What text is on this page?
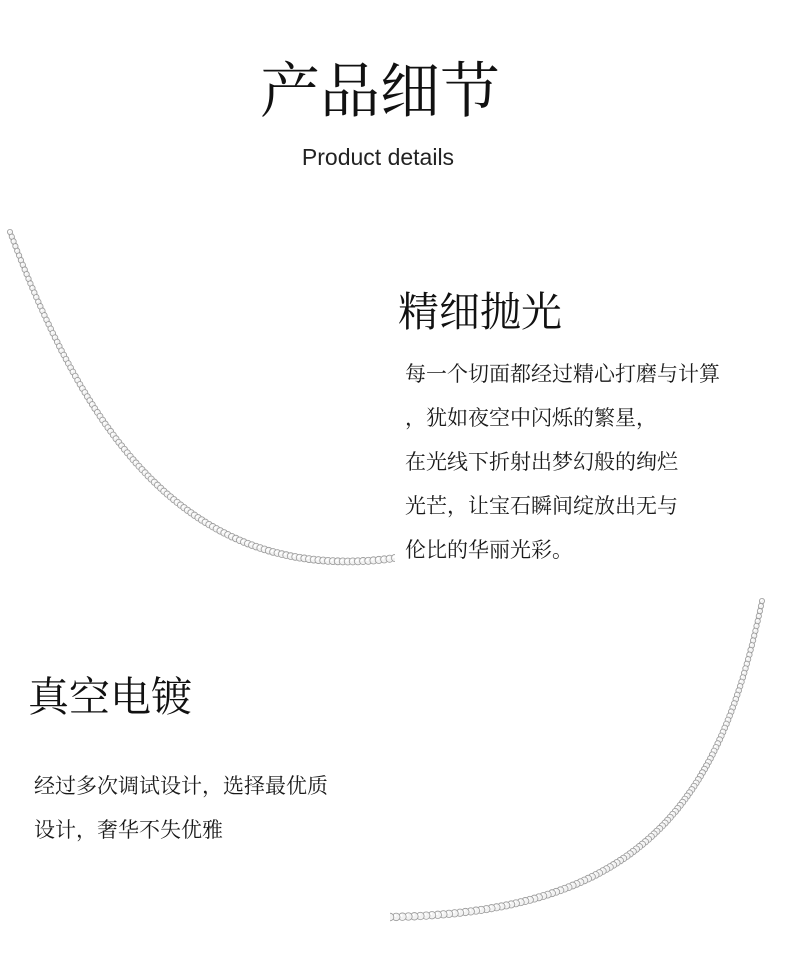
产品细节
Product details
精细抛光
每一个切面都经过精心打磨与计算
，犹如夜空中闪烁的繁星，
在光线下折射出梦幻般的绚烂
光芒，让宝石瞬间绽放出无与
伦比的华丽光彩。
真空电镀
经过多次调试设计，选择最优质
设计，奢华不失优雅
